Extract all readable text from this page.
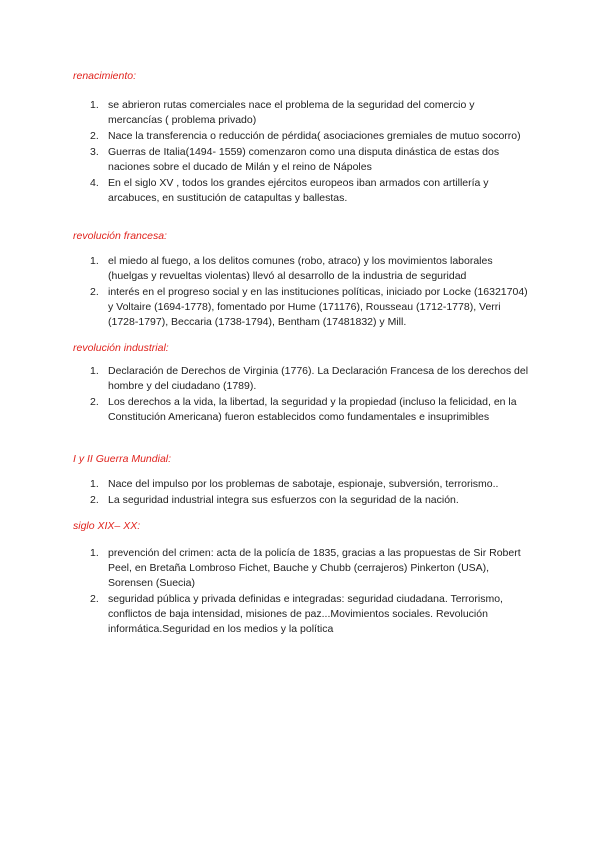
renacimiento:
1. se abrieron rutas comerciales nace el problema de la seguridad del comercio y mercancías ( problema privado)
2. Nace la transferencia o reducción de pérdida( asociaciones gremiales de mutuo socorro)
3. Guerras de Italia(1494- 1559) comenzaron como una disputa dinástica de estas dos naciones sobre el ducado de Milán y el reino de Nápoles
4. En el siglo XV , todos los grandes ejércitos europeos iban armados con artillería y arcabuces, en sustitución de catapultas y ballestas.
revolución francesa:
1. el miedo al fuego, a los delitos comunes (robo, atraco) y los movimientos laborales (huelgas y revueltas violentas) llevó al desarrollo de la industria de seguridad
2. interés en el progreso social y en las instituciones políticas, iniciado por Locke (16321704) y Voltaire (1694-1778), fomentado por Hume (171176), Rousseau (1712-1778), Verri (1728-1797), Beccaria (1738-1794), Bentham (17481832) y Mill.
revolución industrial:
1. Declaración de Derechos de Virginia (1776). La Declaración Francesa de los derechos del hombre y del ciudadano (1789).
2. Los derechos a la vida, la libertad, la seguridad y la propiedad (incluso la felicidad, en la Constitución Americana) fueron establecidos como fundamentales e insuprimibles
I y II Guerra Mundial:
1. Nace del impulso por los problemas de sabotaje, espionaje, subversión, terrorismo..
2. La seguridad industrial integra sus esfuerzos con la seguridad de la nación.
siglo XIX– XX:
1. prevención del crimen: acta de la policía de 1835, gracias a las propuestas de Sir Robert Peel, en Bretaña Lombroso Fichet, Bauche y Chubb (cerrajeros) Pinkerton (USA), Sorensen (Suecia)
2. seguridad pública y privada definidas e integradas: seguridad ciudadana. Terrorismo, conflictos de baja intensidad, misiones de paz...Movimientos sociales. Revolución informática.Seguridad en los medios y la política
